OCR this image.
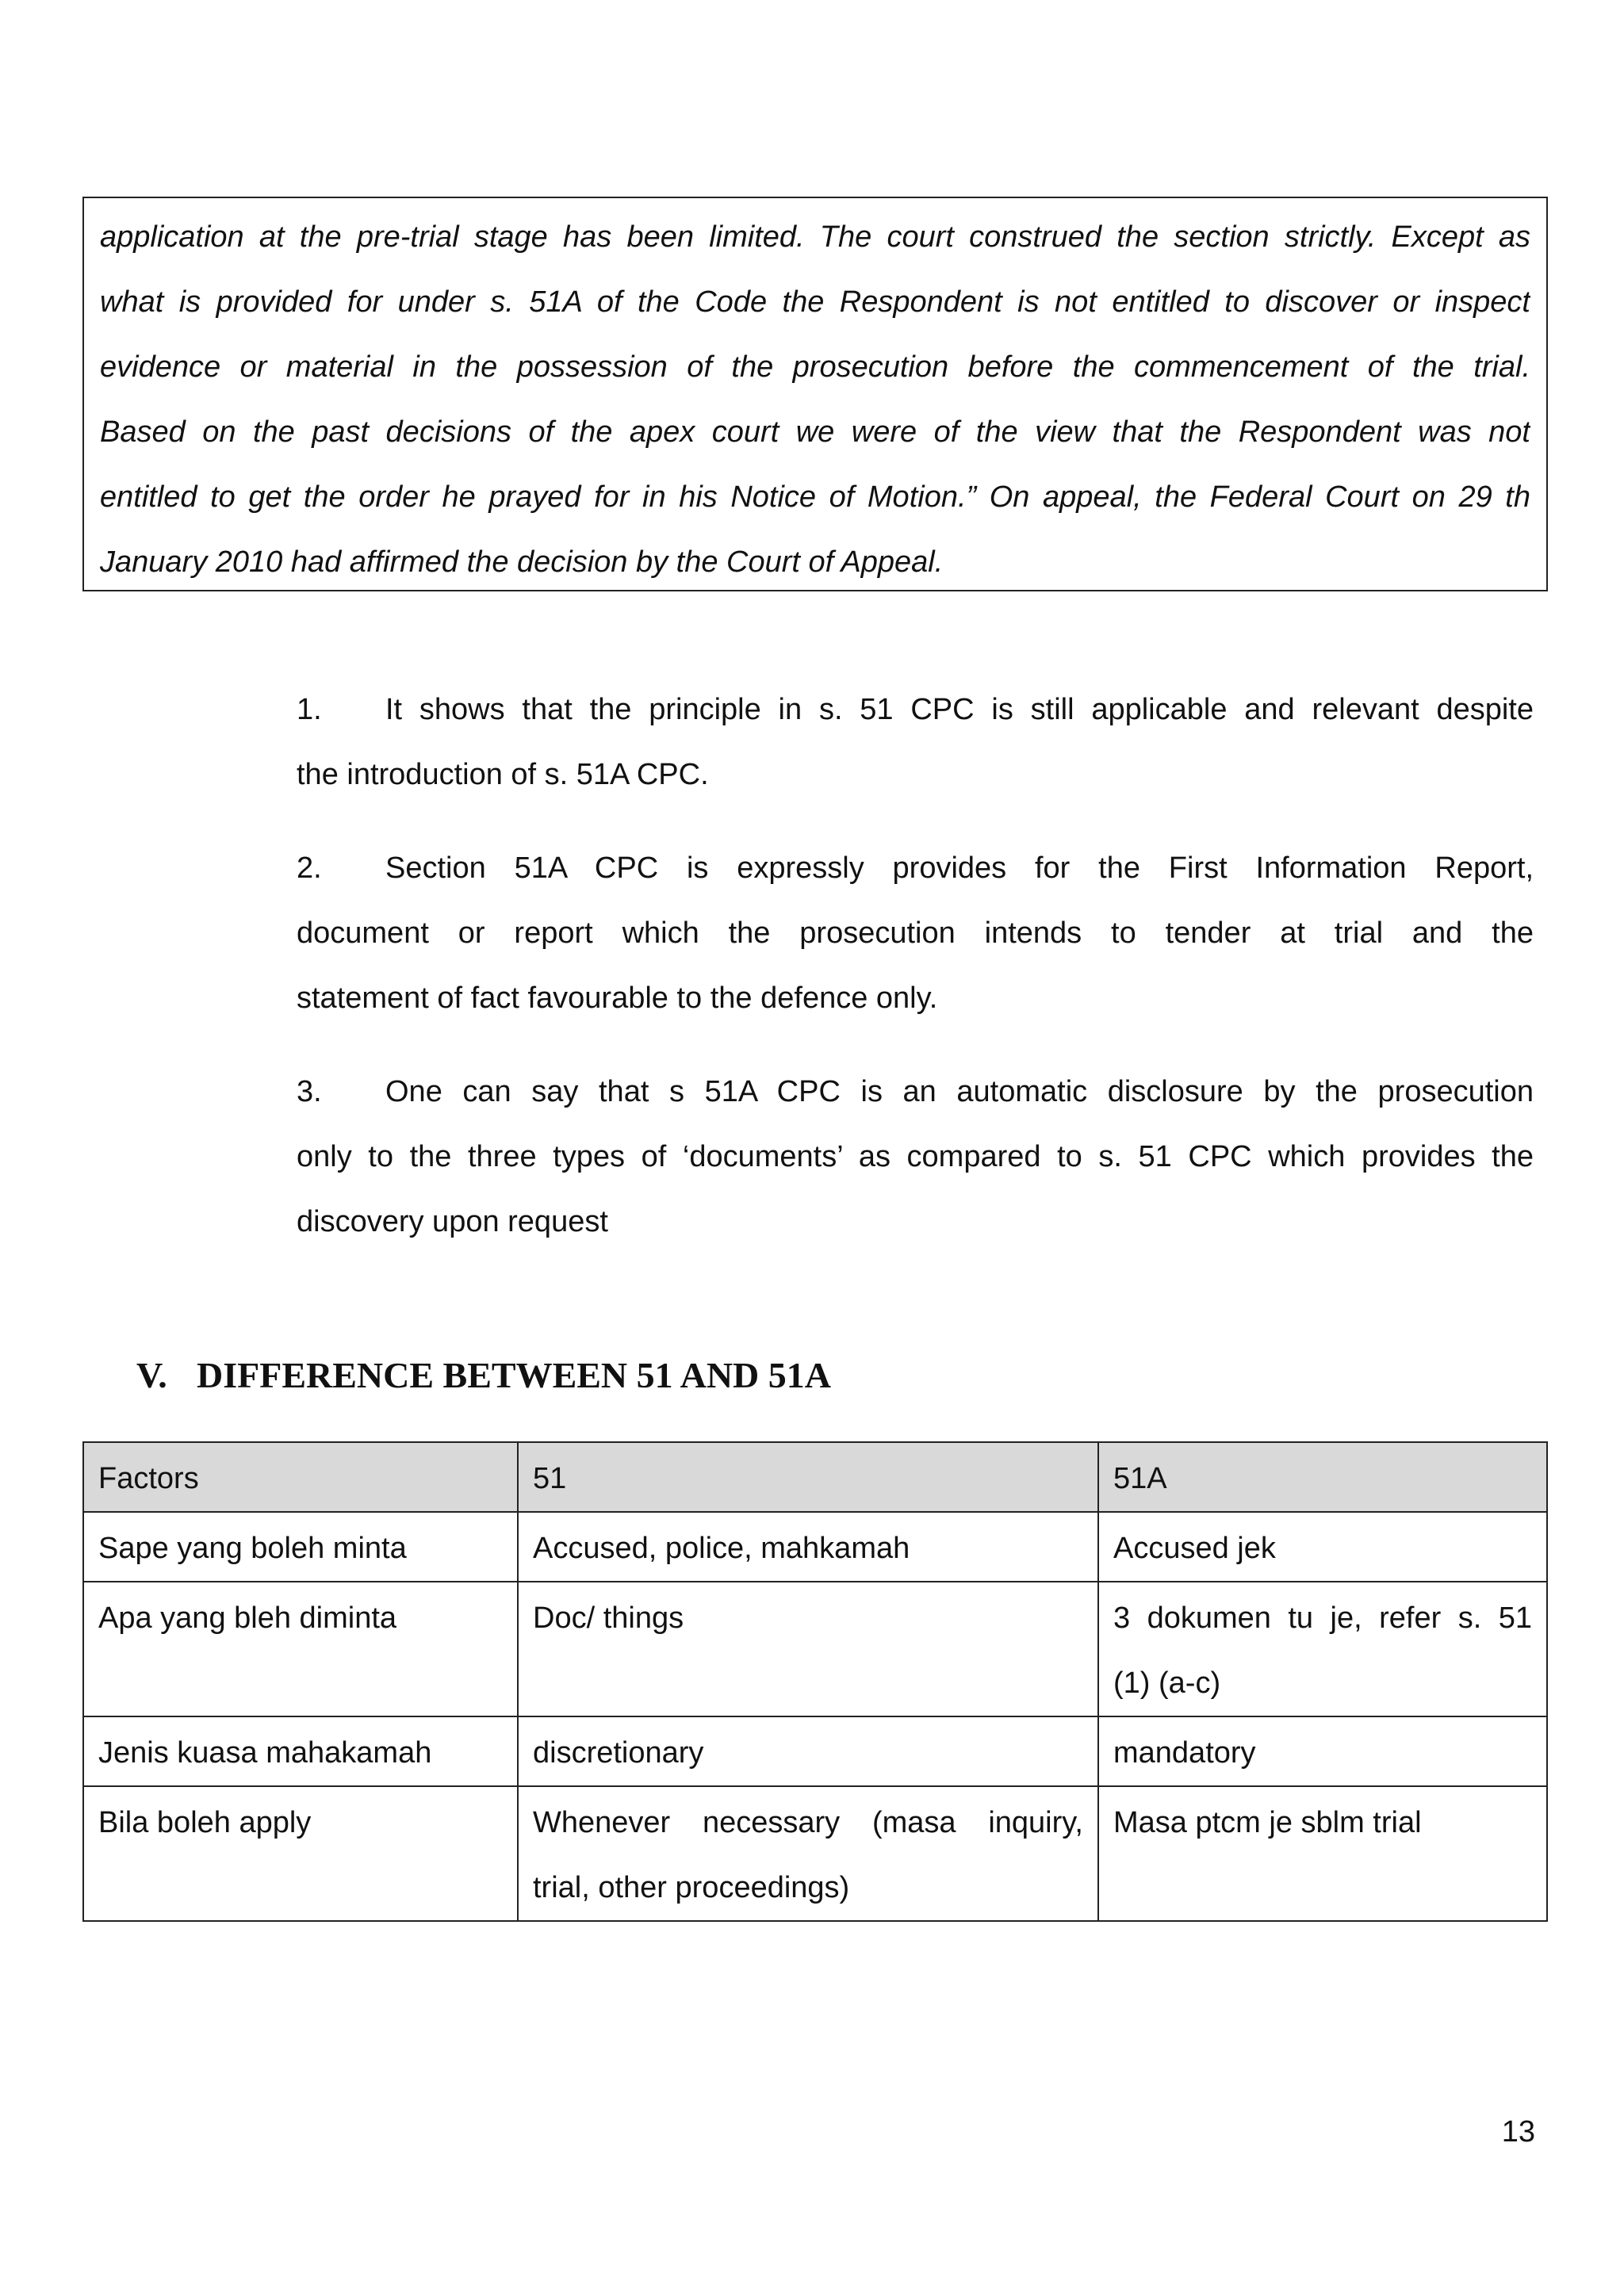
application at the pre-trial stage has been limited. The court construed the section strictly. Except as
what is provided for under s. 51A of the Code the Respondent is not entitled to discover or inspect
evidence or material in the possession of the prosecution before the commencement of the trial.
Based on the past decisions of the apex court we were of the view that the Respondent was not
entitled to get the order he prayed for in his Notice of Motion.” On appeal, the Federal Court on 29 th
January 2010 had affirmed the decision by the Court of Appeal.
1. It shows that the principle in s. 51 CPC is still applicable and relevant despite
the introduction of s. 51A CPC.
2. Section 51A CPC is expressly provides for the First Information Report,
document or report which the prosecution intends to tender at trial and the
statement of fact favourable to the defence only.
3. One can say that s 51A CPC is an automatic disclosure by the prosecution
only to the three types of ‘documents’ as compared to s. 51 CPC which provides the
discovery upon request
V. DIFFERENCE BETWEEN 51 AND 51A
Factors	51	51A
Sape yang boleh minta	Accused, police, mahkamah	Accused jek

Apa yang bleh diminta	Doc/ things	3 dokumen tu je, refer s. 51
(1) (a-c)

Jenis kuasa mahakamah	discretionary	mandatory

Bila boleh apply	Whenever necessary (masa inquiry,
trial, other proceedings)	Masa ptcm je sblm trial
13
